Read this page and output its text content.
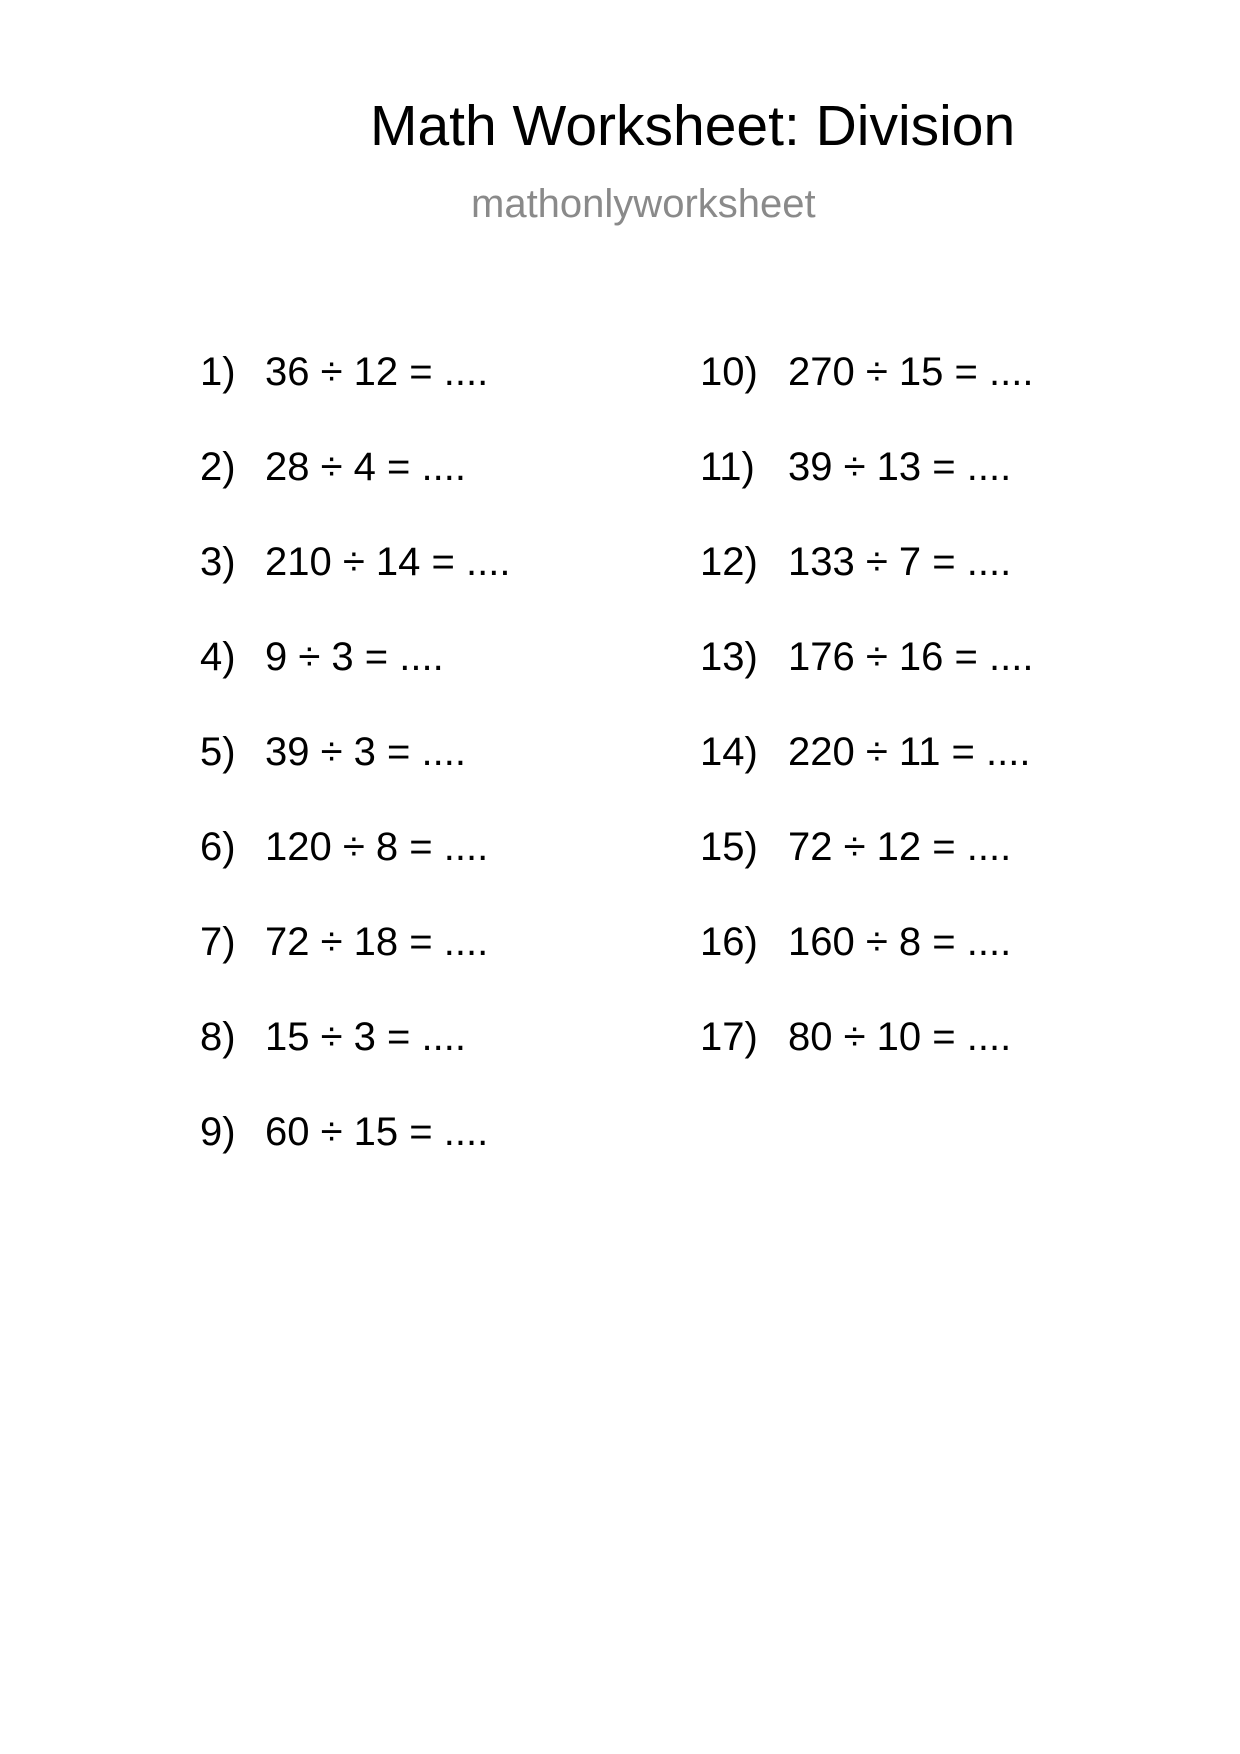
Math Worksheet: Division
mathonlyworksheet
1) 36 ÷ 12 = ....
2) 28 ÷ 4 = ....
3) 210 ÷ 14 = ....
4) 9 ÷ 3 = ....
5) 39 ÷ 3 = ....
6) 120 ÷ 8 = ....
7) 72 ÷ 18 = ....
8) 15 ÷ 3 = ....
9) 60 ÷ 15 = ....
10) 270 ÷ 15 = ....
11) 39 ÷ 13 = ....
12) 133 ÷ 7 = ....
13) 176 ÷ 16 = ....
14) 220 ÷ 11 = ....
15) 72 ÷ 12 = ....
16) 160 ÷ 8 = ....
17) 80 ÷ 10 = ....
